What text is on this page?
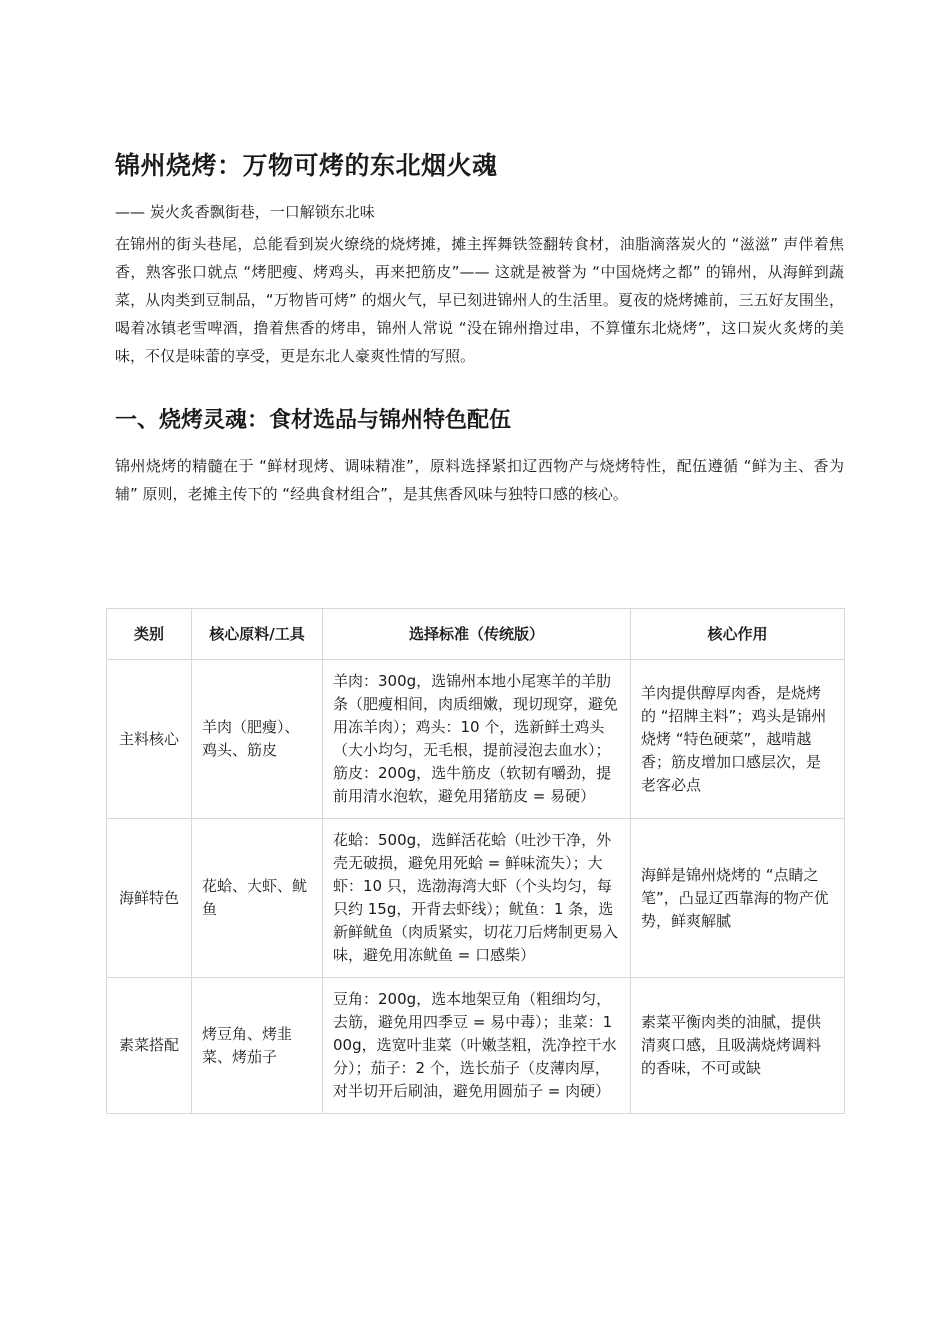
锦州烧烤：万物可烤的东北烟火魂

—— 炭火炙香飘街巷，一口解锁东北味

在锦州的街头巷尾，总能看到炭火缭绕的烧烤摊，摊主挥舞铁签翻转食材，油脂滴落炭火的 “滋滋” 声伴着焦香，熟客张口就点 “烤肥瘦、烤鸡头，再来把筋皮”—— 这就是被誉为 “中国烧烤之都” 的锦州，从海鲜到蔬菜，从肉类到豆制品，“万物皆可烤” 的烟火气，早已刻进锦州人的生活里。夏夜的烧烤摊前，三五好友围坐，喝着冰镇老雪啤酒，撸着焦香的烤串，锦州人常说 “没在锦州撸过串，不算懂东北烧烤”，这口炭火炙烤的美味，不仅是味蕾的享受，更是东北人豪爽性情的写照。

一、烧烤灵魂：食材选品与锦州特色配伍

锦州烧烤的精髓在于 “鲜材现烤、调味精准”，原料选择紧扣辽西物产与烧烤特性，配伍遵循 “鲜为主、香为辅” 原则，老摊主传下的 “经典食材组合”，是其焦香风味与独特口感的核心。

类别	核心原料/工具	选择标准（传统版）	核心作用
主料核心	羊肉（肥瘦）、鸡头、筋皮	羊肉：300g，选锦州本地小尾寒羊的羊肋条（肥瘦相间，肉质细嫩，现切现穿，避免用冻羊肉）；鸡头：10 个，选新鲜土鸡头（大小均匀，无毛根，提前浸泡去血水）；筋皮：200g，选牛筋皮（软韧有嚼劲，提前用清水泡软，避免用猪筋皮 = 易硬）	羊肉提供醇厚肉香，是烧烤的 “招牌主料”；鸡头是锦州烧烤 “特色硬菜”，越啃越香；筋皮增加口感层次，是老客必点
海鲜特色	花蛤、大虾、鱿鱼	花蛤：500g，选鲜活花蛤（吐沙干净，外壳无破损，避免用死蛤 = 鲜味流失）；大虾：10 只，选渤海湾大虾（个头均匀，每只约 15g，开背去虾线）；鱿鱼：1 条，选新鲜鱿鱼（肉质紧实，切花刀后烤制更易入味，避免用冻鱿鱼 = 口感柴）	海鲜是锦州烧烤的 “点睛之笔”，凸显辽西靠海的物产优势，鲜爽解腻
素菜搭配	烤豆角、烤韭菜、烤茄子	豆角：200g，选本地架豆角（粗细均匀，去筋，避免用四季豆 = 易中毒）；韭菜：100g，选宽叶韭菜（叶嫩茎粗，洗净控干水分）；茄子：2 个，选长茄子（皮薄肉厚，对半切开后刷油，避免用圆茄子 = 肉硬）	素菜平衡肉类的油腻，提供清爽口感，且吸满烧烤调料的香味，不可或缺
